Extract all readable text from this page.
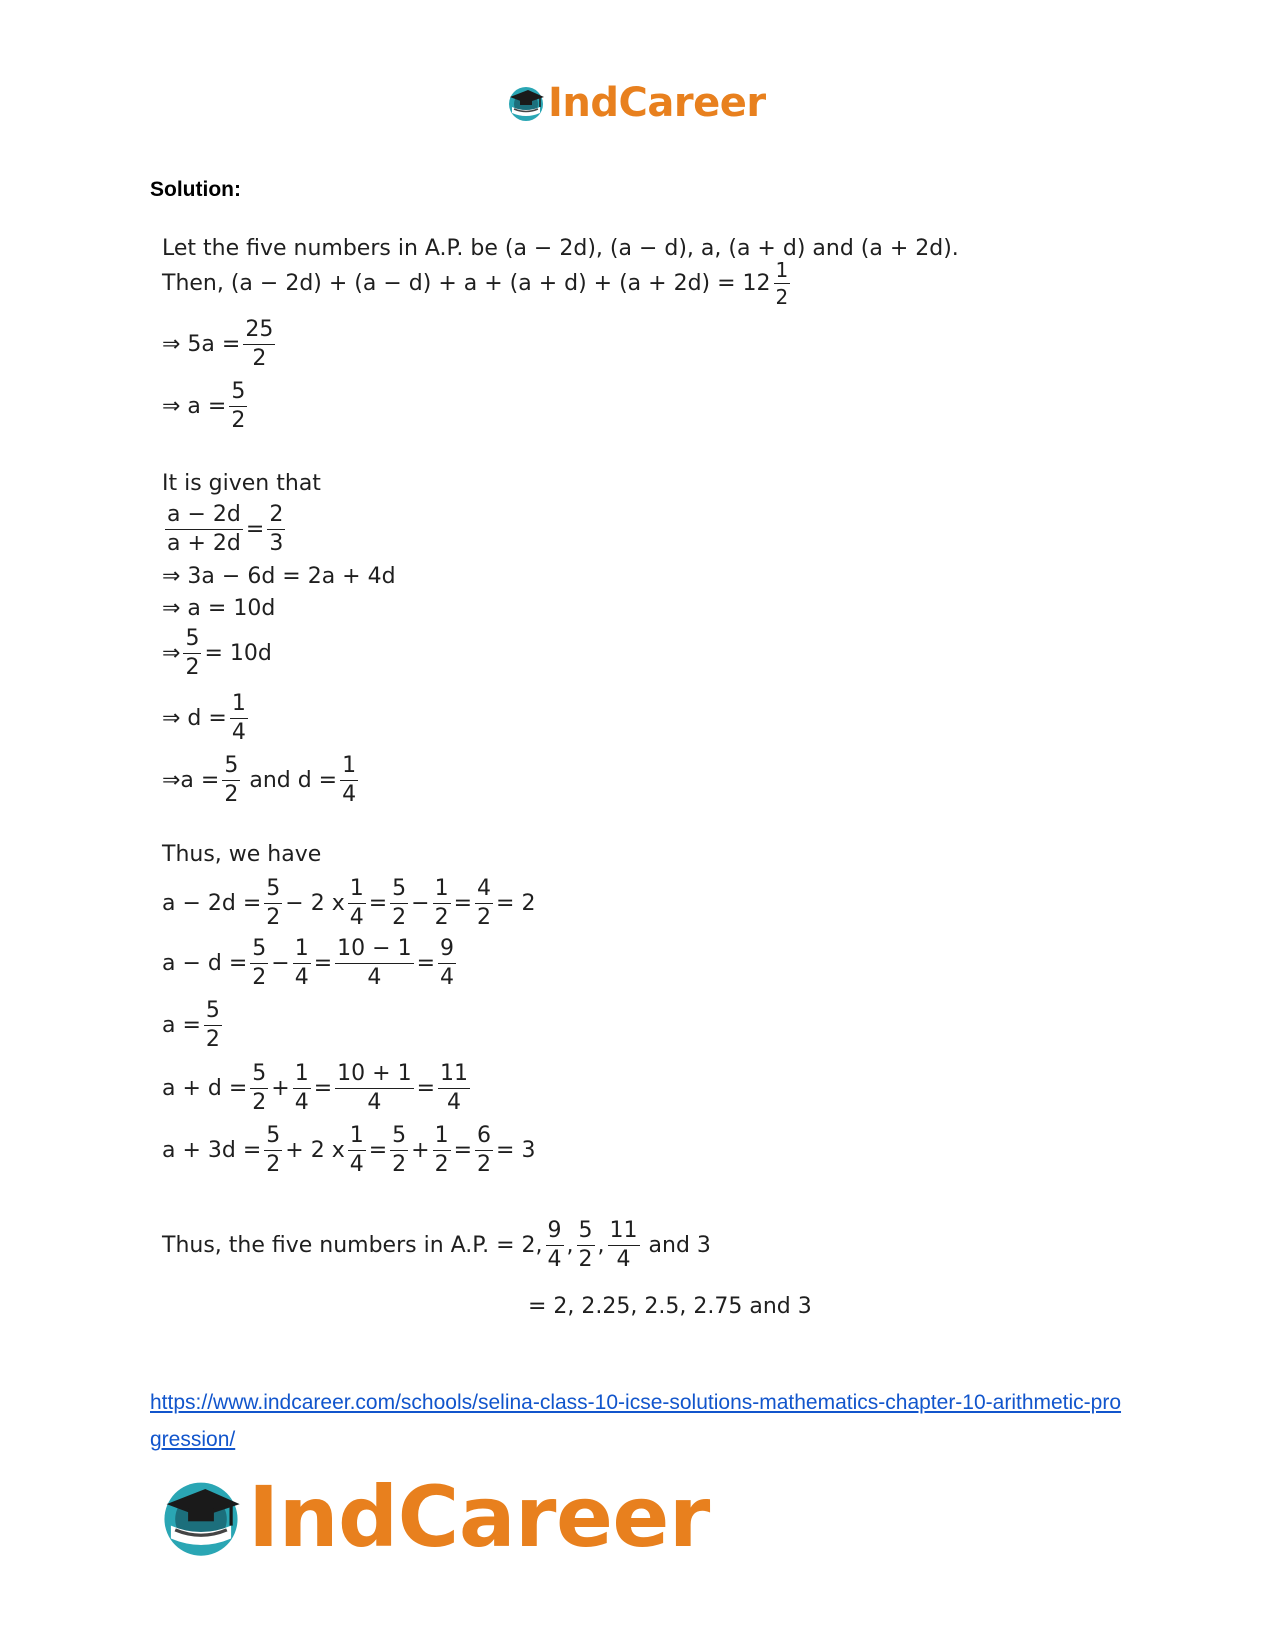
IndCareer
Solution:
Let the five numbers in A.P. be (a − 2d), (a − d), a, (a + d) and (a + 2d).
Then, $(a - 2d) + (a - d) + a + (a + d) + (a + 2d) = 12 \frac{1}{2}$
⇒ $5a = \frac{25}{2}$
⇒ $a = \frac{5}{2}$
It is given that
$\frac{a - 2d}{a + 2d} = \frac{2}{3}$
⇒ 3a − 6d = 2a + 4d
⇒ a = 10d
⇒ $\frac{5}{2} = 10d$
⇒ $d = \frac{1}{4}$
⇒a = $\frac{5}{2}$ and $d = \frac{1}{4}$
Thus, we have
$a - 2d = \frac{5}{2} - 2$ x $\frac{1}{4} = \frac{5}{2} - \frac{1}{2} = \frac{4}{2} = 2$
$a - d = \frac{5}{2} - \frac{1}{4} = \frac{10 - 1}{4} = \frac{9}{4}$
$a = \frac{5}{2}$
$a + d = \frac{5}{2} + \frac{1}{4} = \frac{10 + 1}{4} = \frac{11}{4}$
$a + 3d = \frac{5}{2} + 2$ x $\frac{1}{4} = \frac{5}{2} + \frac{1}{2} = \frac{6}{2} = 3$
Thus, the five numbers in A.P. = 2, $\frac{9}{4}$ , $\frac{5}{2}$ , $\frac{11}{4}$ and 3
= 2, 2.25, 2.5, 2.75 and 3
https://www.indcareer.com/schools/selina-class-10-icse-solutions-mathematics-chapter-10-arithmetic-progression/
IndCareer
